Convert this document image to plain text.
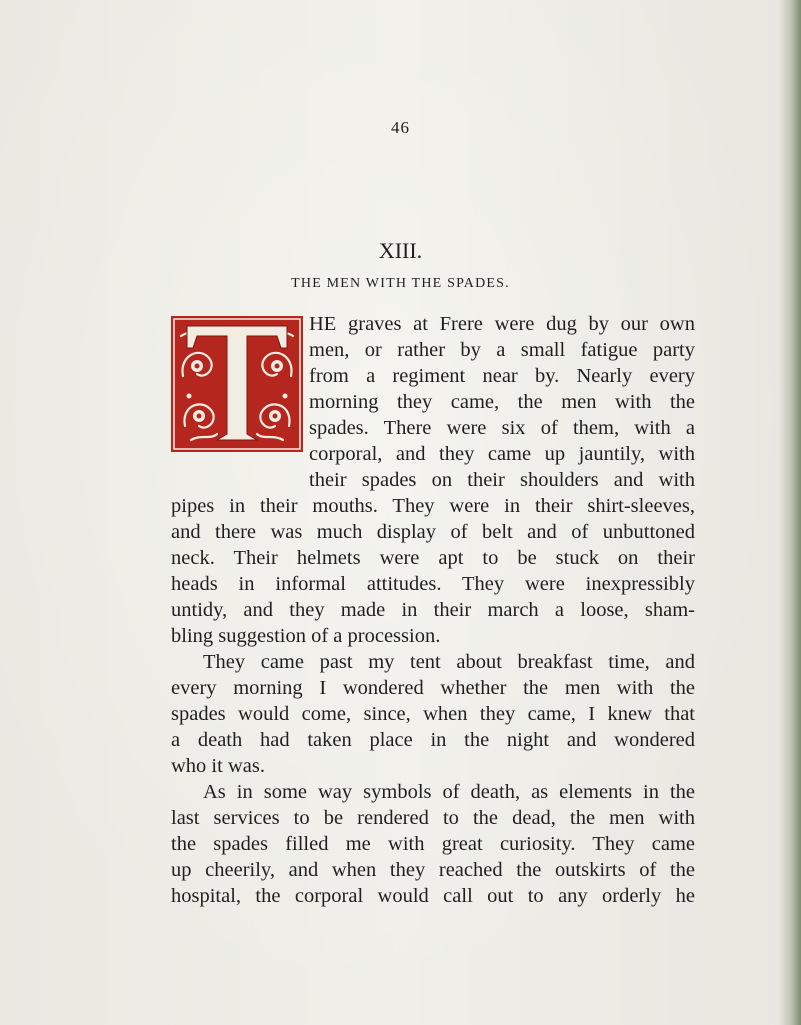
46
XIII.
THE MEN WITH THE SPADES.
HE graves at Frere were dug by our own
men, or rather by a small fatigue party
from a regiment near by. Nearly every
morning they came, the men with the
spades. There were six of them, with a
corporal, and they came up jauntily, with
their spades on their shoulders and with
pipes in their mouths. They were in their shirt-sleeves,
and there was much display of belt and of unbuttoned
neck. Their helmets were apt to be stuck on their
heads in informal attitudes. They were inexpressibly
untidy, and they made in their march a loose, sham-
bling suggestion of a procession.
They came past my tent about breakfast time, and
every morning I wondered whether the men with the
spades would come, since, when they came, I knew that
a death had taken place in the night and wondered
who it was.
As in some way symbols of death, as elements in the
last services to be rendered to the dead, the men with
the spades filled me with great curiosity. They came
up cheerily, and when they reached the outskirts of the
hospital, the corporal would call out to any orderly he
